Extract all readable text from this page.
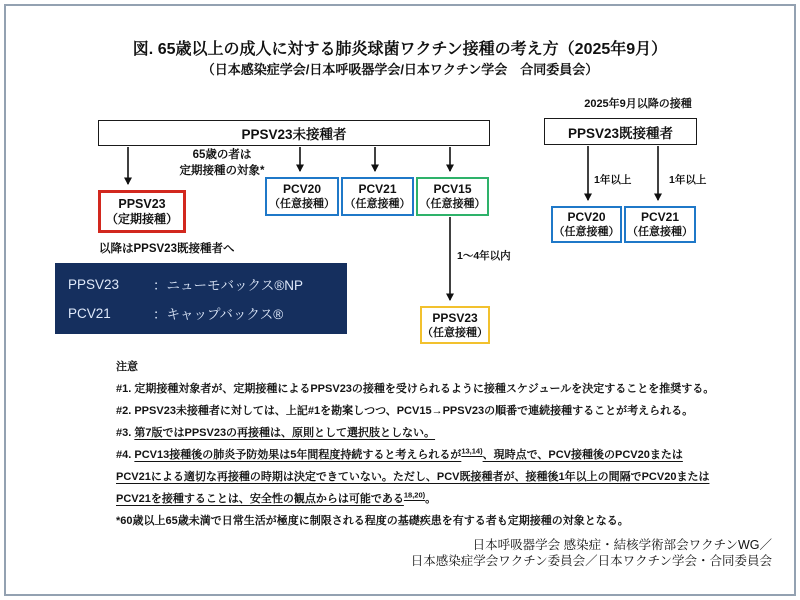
図. 65歳以上の成人に対する肺炎球菌ワクチン接種の考え方（2025年9月）
（日本感染症学会/日本呼吸器学会/日本ワクチン学会　合同委員会）
PPSV23未接種者
65歳の者は
定期接種の対象*
PPSV23
（定期接種）
以降はPPSV23既接種者へ
PCV20
（任意接種）
PCV21
（任意接種）
PCV15
（任意接種）
1～4年以内
PPSV23
（任意接種）
2025年9月以降の接種
PPSV23既接種者
1年以上	1年以上
PCV20
（任意接種）
PCV21
（任意接種）
PPSV23	：ニューモバックス®NP
PCV21	：キャップバックス®
注意
#1. 定期接種対象者が、定期接種によるPPSV23の接種を受けられるように接種スケジュールを決定することを推奨する。
#2. PPSV23未接種者に対しては、上記#1を勘案しつつ、PCV15→PPSV23の順番で連続接種することが考えられる。
#3. 第7版ではPPSV23の再接種は、原則として選択肢としない。
#4. PCV13接種後の肺炎予防効果は5年間程度持続すると考えられるが$^{13,14)}$、現時点で、PCV接種後のPCV20または
PCV21による適切な再接種の時期は決定できていない。ただし、PCV既接種者が、接種後1年以上の間隔でPCV20または
PCV21を接種することは、安全性の観点からは可能である$^{18,20)}$。
*60歳以上65歳未満で日常生活が極度に制限される程度の基礎疾患を有する者も定期接種の対象となる。
日本呼吸器学会 感染症・結核学術部会ワクチンWG／
日本感染症学会ワクチン委員会／日本ワクチン学会・合同委員会
